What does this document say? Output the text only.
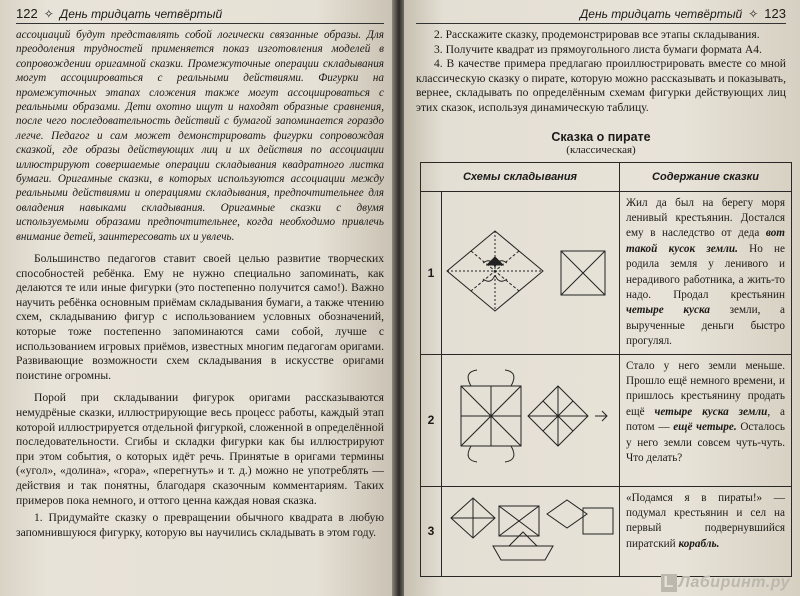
122 ✧ День тридцать четвёртый

ассоциаций будут представлять собой логически связанные образы. Для преодоления трудностей применяется показ изготовления моделей в сопровождении оригамной сказки. Промежуточные операции складывания могут ассоциироваться с реальными действиями. Фигурки на промежуточных этапах сложения также могут ассоциироваться с реальными образами. Дети охотно ищут и находят образные сравнения, после чего последовательность действий с бумагой запоминается гораздо легче. Педагог и сам может демонстрировать фигурки сопровождая сказкой, где образы действующих лиц и их действия по ассоциации иллюстрируют совершаемые операции складывания квадратного листка бумаги. Оригамные сказки, в которых используются ассоциации между реальными действиями и операциями складывания, предпочтительнее для овладения навыками складывания. Оригамные сказки с двумя используемыми образами предпочтительнее, когда необходимо привлечь внимание детей, заинтересовать их и увлечь.

Большинство педагогов ставит своей целью развитие творческих способностей ребёнка. Ему не нужно специально запоминать, как делаются те или иные фигурки (это постепенно получится само!). Важно научить ребёнка основным приёмам складывания бумаги, а также чтению схем, складыванию фигур с использованием условных обозначений, которые тоже постепенно запоминаются сами собой, лучше с использованием игровых приёмов, известных многим педагогам оригами. Развивающие возможности схем складывания в искусстве оригами поистине огромны.

Порой при складывании фигурок оригами рассказываются немудрёные сказки, иллюстрирующие весь процесс работы, каждый этап которой иллюстрируется отдельной фигуркой, сложенной в определённой последовательности. Сгибы и складки фигурки как бы иллюстрируют при этом события, о которых идёт речь. Принятые в оригами термины («угол», «долина», «гора», «перегнуть» и т. д.) можно не употреблять — действия и так понятны, благодаря сказочным комментариям. Таких примеров пока немного, и оттого ценна каждая новая сказка.

1. Придумайте сказку о превращении обычного квадрата в любую запомнившуюся фигурку, которую вы научились складывать в этом году.

День тридцать четвёртый ✧ 123

2. Расскажите сказку, продемонстрировав все этапы складывания.

3. Получите квадрат из прямоугольного листа бумаги формата А4.

4. В качестве примера предлагаю проиллюстрировать вместе со мной классическую сказку о пирате, которую можно рассказывать и показывать, вернее, складывать по определённым схемам фигурки действующих лиц этих сказок, используя динамическую таблицу.

Сказка о пирате
(классическая)
Схемы складывания		Содержание сказки
1		Жил да был на берегу моря ленивый крестьянин. Досталcя ему в наследство от деда вот такой кусок земли. Но не родила земля у ленивого и нерадивого работника, а жить-то надо. Продал крестьянин четыре куска земли, а вырученные деньги быстро прогулял.
2		Стало у него земли меньше. Прошло ещё немного времени, и пришлось крестьянину продать ещё четыре куска земли, а потом — ещё четыре. Осталось у него земли совсем чуть-чуть. Что делать?
3		«Подамся я в пираты!» — подумал крестьянин и сел на первый подвернувшийся пиратский корабль.
L Лабиринт.ру
